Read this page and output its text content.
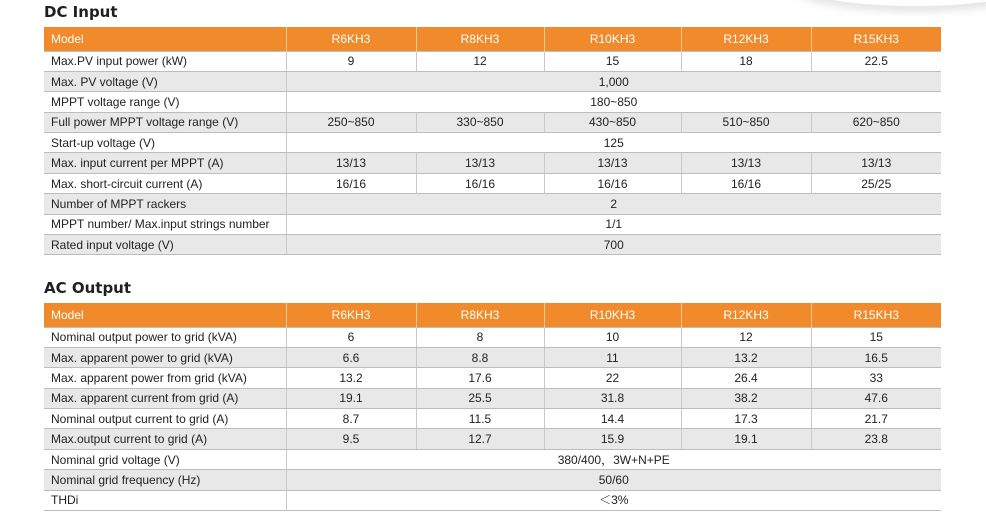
DC Input
Model	R6KH3	R8KH3	R10KH3	R12KH3	R15KH3
Max.PV input power (kW)	9	12	15	18	22.5
Max. PV voltage (V)	1,000				
MPPT voltage range (V)	180~850				
Full power MPPT voltage range (V)	250~850	330~850	430~850	510~850	620~850
Start-up voltage (V)	125				
Max. input current per MPPT (A)	13/13	13/13	13/13	13/13	13/13
Max. short-circuit current (A)	16/16	16/16	16/16	16/16	25/25
Number of MPPT rackers	2				
MPPT number/ Max.input strings number	1/1				
Rated input voltage (V)	700				
AC Output
Model	R6KH3	R8KH3	R10KH3	R12KH3	R15KH3
Nominal output power to grid (kVA)	6	8	10	12	15
Max. apparent power to grid (kVA)	6.6	8.8	11	13.2	16.5
Max. apparent power from grid (kVA)	13.2	17.6	22	26.4	33
Max. apparent current from grid (A)	19.1	25.5	31.8	38.2	47.6
Nominal output current to grid (A)	8.7	11.5	14.4	17.3	21.7
Max.output current to grid (A)	9.5	12.7	15.9	19.1	23.8
Nominal grid voltage (V)	380/400，3W+N+PE				
Nominal grid frequency (Hz)	50/60				
THDi	＜3%				
